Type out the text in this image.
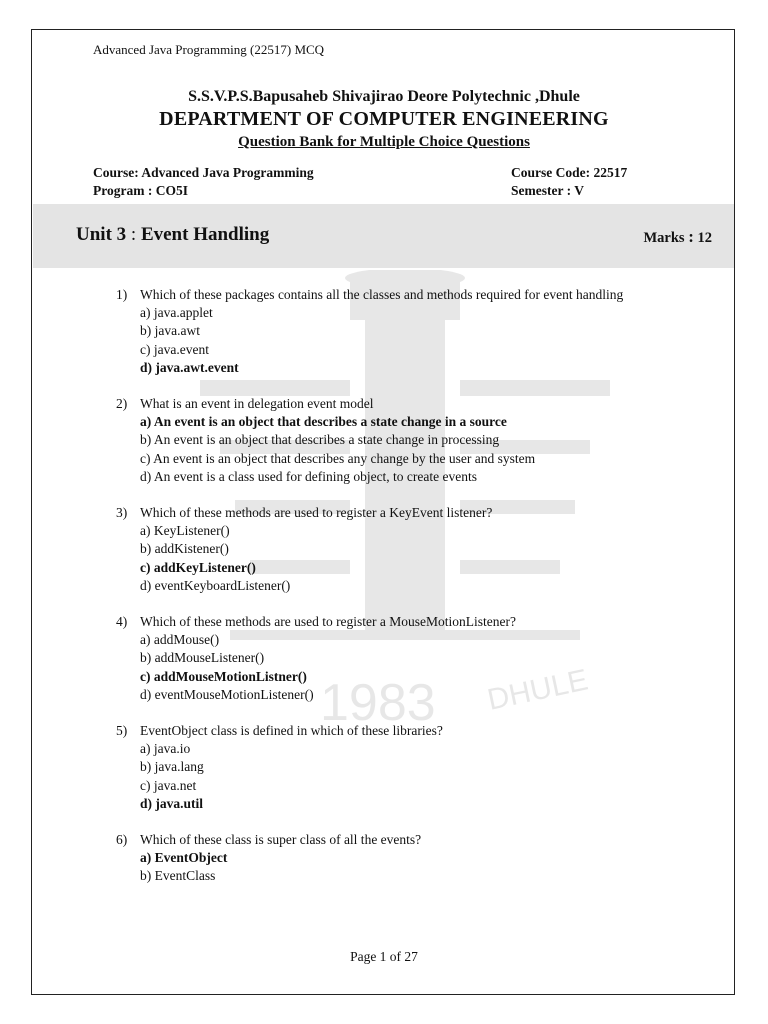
Advanced Java Programming (22517) MCQ
S.S.V.P.S.Bapusaheb Shivajirao Deore Polytechnic ,Dhule
DEPARTMENT OF COMPUTER ENGINEERING
Question Bank for Multiple Choice Questions
Course: Advanced Java Programming
Program : CO5I
Course Code: 22517
Semester : V
Unit 3 : Event Handling	Marks : 12
1983 DHULE
1) Which of these packages contains all the classes and methods required for event handling
a) java.applet
b) java.awt
c) java.event
d) java.awt.event
2) What is an event in delegation event model
a) An event is an object that describes a state change in a source
b) An event is an object that describes a state change in processing
c) An event is an object that describes any change by the user and system
d) An event is a class used for defining object, to create events
3) Which of these methods are used to register a KeyEvent listener?
a) KeyListener()
b) addKistener()
c) addKeyListener()
d) eventKeyboardListener()
4) Which of these methods are used to register a MouseMotionListener?
a) addMouse()
b) addMouseListener()
c) addMouseMotionListner()
d) eventMouseMotionListener()
5) EventObject class is defined in which of these libraries?
a) java.io
b) java.lang
c) java.net
d) java.util
6) Which of these class is super class of all the events?
a) EventObject
b) EventClass
Page 1 of 27
